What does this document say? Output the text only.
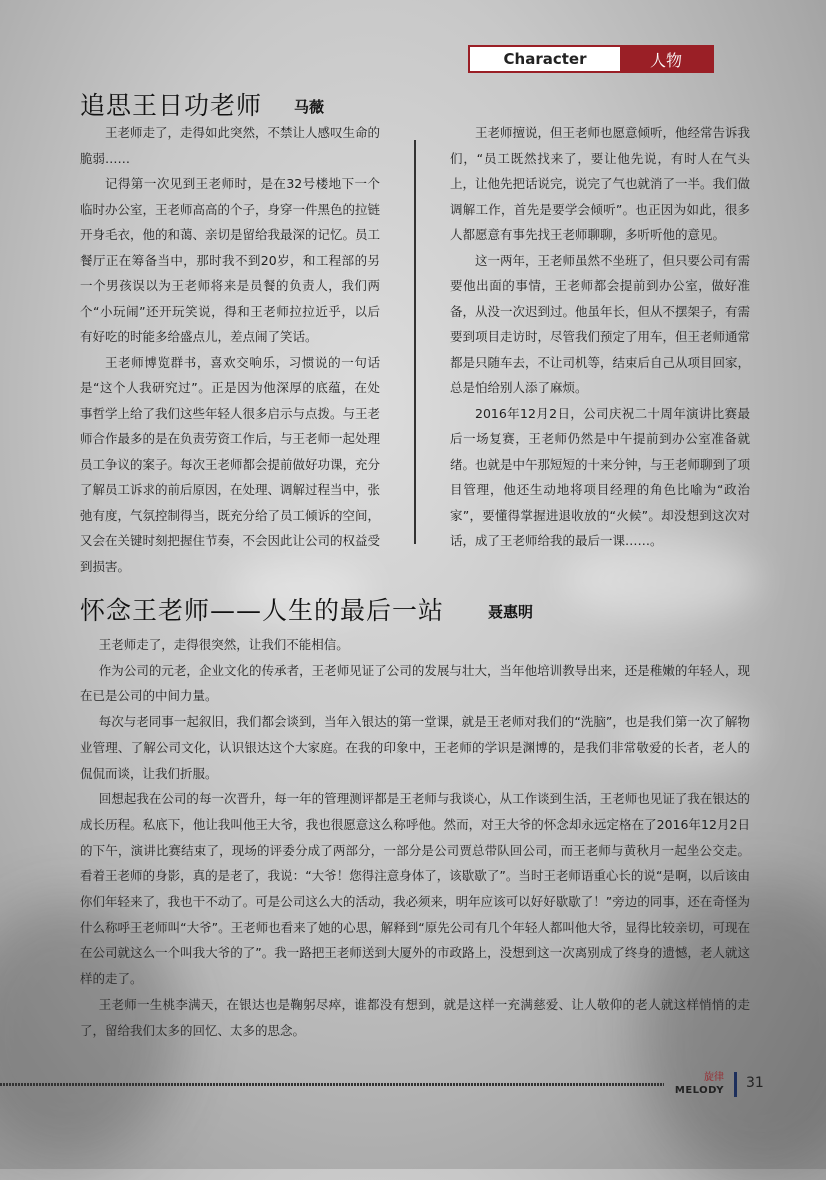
Character	人物
追思王日功老师 马薇

王老师走了，走得如此突然，不禁让人感叹生命的脆弱……

记得第一次见到王老师时，是在32号楼地下一个临时办公室，王老师高高的个子，身穿一件黑色的拉链开身毛衣，他的和蔼、亲切是留给我最深的记忆。员工餐厅正在筹备当中，那时我不到20岁，和工程部的另一个男孩误以为王老师将来是员餐的负责人，我们两个“小玩闹”还开玩笑说，得和王老师拉拉近乎，以后有好吃的时能多给盛点儿，差点闹了笑话。

王老师博览群书，喜欢交响乐，习惯说的一句话是“这个人我研究过”。正是因为他深厚的底蕴，在处事哲学上给了我们这些年轻人很多启示与点拨。与王老师合作最多的是在负责劳资工作后，与王老师一起处理员工争议的案子。每次王老师都会提前做好功课，充分了解员工诉求的前后原因，在处理、调解过程当中，张弛有度，气氛控制得当，既充分给了员工倾诉的空间，又会在关键时刻把握住节奏，不会因此让公司的权益受到损害。

王老师擅说，但王老师也愿意倾听，他经常告诉我们，“员工既然找来了，要让他先说，有时人在气头上，让他先把话说完，说完了气也就消了一半。我们做调解工作，首先是要学会倾听”。也正因为如此，很多人都愿意有事先找王老师聊聊，多听听他的意见。

这一两年，王老师虽然不坐班了，但只要公司有需要他出面的事情，王老师都会提前到办公室，做好准备，从没一次迟到过。他虽年长，但从不摆架子，有需要到项目走访时，尽管我们预定了用车，但王老师通常都是只随车去，不让司机等，结束后自己从项目回家，总是怕给别人添了麻烦。

2016年12月2日，公司庆祝二十周年演讲比赛最后一场复赛，王老师仍然是中午提前到办公室准备就绪。也就是中午那短短的十来分钟，与王老师聊到了项目管理，他还生动地将项目经理的角色比喻为“政治家”，要懂得掌握进退收放的“火候”。却没想到这次对话，成了王老师给我的最后一课……。

怀念王老师——人生的最后一站	聂惠明

王老师走了，走得很突然，让我们不能相信。

作为公司的元老，企业文化的传承者，王老师见证了公司的发展与壮大，当年他培训教导出来，还是稚嫩的年轻人，现在已是公司的中间力量。

每次与老同事一起叙旧，我们都会谈到，当年入银达的第一堂课，就是王老师对我们的“洗脑”，也是我们第一次了解物业管理、了解公司文化，认识银达这个大家庭。在我的印象中，王老师的学识是渊博的，是我们非常敬爱的长者，老人的侃侃而谈，让我们折服。

回想起我在公司的每一次晋升，每一年的管理测评都是王老师与我谈心，从工作谈到生活，王老师也见证了我在银达的成长历程。私底下，他让我叫他王大爷，我也很愿意这么称呼他。然而，对王大爷的怀念却永远定格在了2016年12月2日的下午，演讲比赛结束了，现场的评委分成了两部分，一部分是公司贾总带队回公司，而王老师与黄秋月一起坐公交走。看着王老师的身影，真的是老了，我说：“大爷！您得注意身体了，该歇歇了”。当时王老师语重心长的说“是啊，以后该由你们年轻来了，我也干不动了。可是公司这么大的活动，我必须来，明年应该可以好好歇歇了！”旁边的同事，还在奇怪为什么称呼王老师叫“大爷”。王老师也看来了她的心思，解释到“原先公司有几个年轻人都叫他大爷，显得比较亲切，可现在在公司就这么一个叫我大爷的了”。我一路把王老师送到大厦外的市政路上，没想到这一次离别成了终身的遗憾，老人就这样的走了。

王老师一生桃李满天，在银达也是鞠躬尽瘁，谁都没有想到，就是这样一充满慈爱、让人敬仰的老人就这样悄悄的走了，留给我们太多的回忆、太多的思念。

旋律
MELODY 31
